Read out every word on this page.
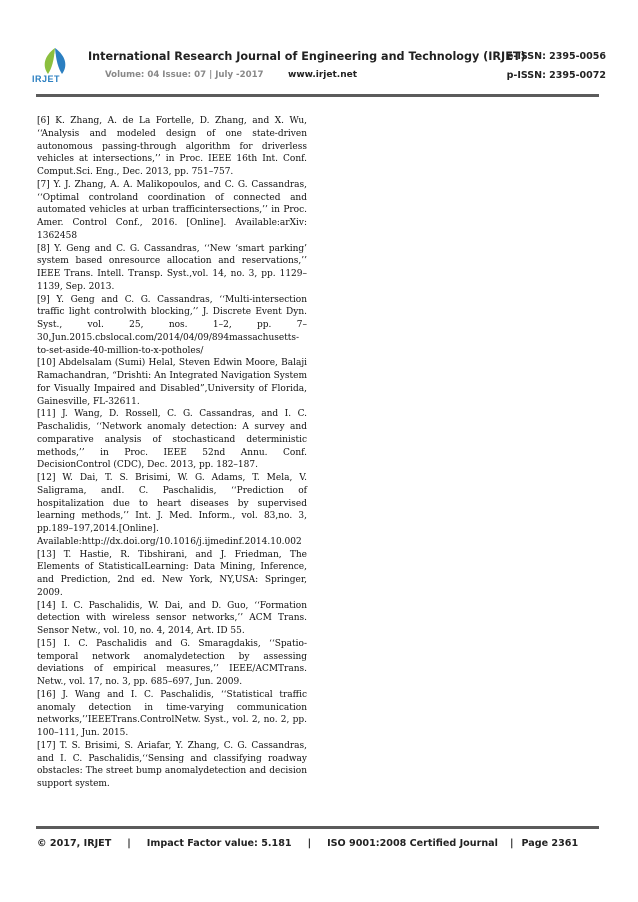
IRJET
International Research Journal of Engineering and Technology (IRJET)
e-ISSN: 2395-0056
Volume: 04 Issue: 07 | July -2017	www.irjet.net	p-ISSN: 2395-0072

[6] K. Zhang, A. de La Fortelle, D. Zhang, and X. Wu, ‘‘Analysis and modeled design of one state-driven autonomous passing-through algorithm for driverless vehicles at intersections,’’ in Proc. IEEE 16th Int. Conf. Comput.Sci. Eng., Dec. 2013, pp. 751–757.

[7] Y. J. Zhang, A. A. Malikopoulos, and C. G. Cassandras, ‘‘Optimal controland coordination of connected and automated vehicles at urban trafficintersections,’’ in Proc. Amer. Control Conf., 2016. [Online]. Available:arXiv: 1362458

[8] Y. Geng and C. G. Cassandras, ‘‘New ‘smart parking’ system based onresource allocation and reservations,’’ IEEE Trans. Intell. Transp. Syst.,vol. 14, no. 3, pp. 1129–1139, Sep. 2013.

[9] Y. Geng and C. G. Cassandras, ‘‘Multi-intersection traffic light controlwith blocking,’’ J. Discrete Event Dyn. Syst., vol. 25, nos. 1–2, pp. 7–30,Jun.2015.cbslocal.com/2014/04/09/894massachusetts-to-set-aside-40-million-to-x-potholes/

[10] Abdelsalam (Sumi) Helal, Steven Edwin Moore, Balaji Ramachandran, “Drishti: An Integrated Navigation System for Visually Impaired and Disabled”,University of Florida, Gainesville, FL-32611.

[11] J. Wang, D. Rossell, C. G. Cassandras, and I. C. Paschalidis, ‘‘Network anomaly detection: A survey and comparative analysis of stochasticand deterministic methods,’’ in Proc. IEEE 52nd Annu. Conf. DecisionControl (CDC), Dec. 2013, pp. 182–187.

[12] W. Dai, T. S. Brisimi, W. G. Adams, T. Mela, V. Saligrama, andI. C. Paschalidis, ‘‘Prediction of hospitalization due to heart diseases by supervised learning methods,’’ Int. J. Med. Inform., vol. 83,no. 3, pp.189–197,2014.[Online]. Available:http://dx.doi.org/10.1016/j.ijmedinf.2014.10.002

[13] T. Hastie, R. Tibshirani, and J. Friedman, The Elements of StatisticalLearning: Data Mining, Inference, and Prediction, 2nd ed. New York, NY,USA: Springer, 2009.

[14] I. C. Paschalidis, W. Dai, and D. Guo, ‘‘Formation detection with wireless sensor networks,’’ ACM Trans. Sensor Netw., vol. 10, no. 4, 2014, Art. ID 55.

[15] I. C. Paschalidis and G. Smaragdakis, ‘‘Spatio-temporal network anomalydetection by assessing deviations of empirical measures,’’ IEEE/ACMTrans. Netw., vol. 17, no. 3, pp. 685–697, Jun. 2009.

[16] J. Wang and I. C. Paschalidis, ‘‘Statistical traffic anomaly detection in time-varying communication networks,’’IEEETrans.ControlNetw. Syst., vol. 2, no. 2, pp. 100–111, Jun. 2015.

[17] T. S. Brisimi, S. Ariafar, Y. Zhang, C. G. Cassandras, and I. C. Paschalidis,‘‘Sensing and classifying roadway obstacles: The street bump anomalydetection and decision support system.

© 2017, IRJET | Impact Factor value: 5.181 | ISO 9001:2008 Certified Journal | Page 2361
